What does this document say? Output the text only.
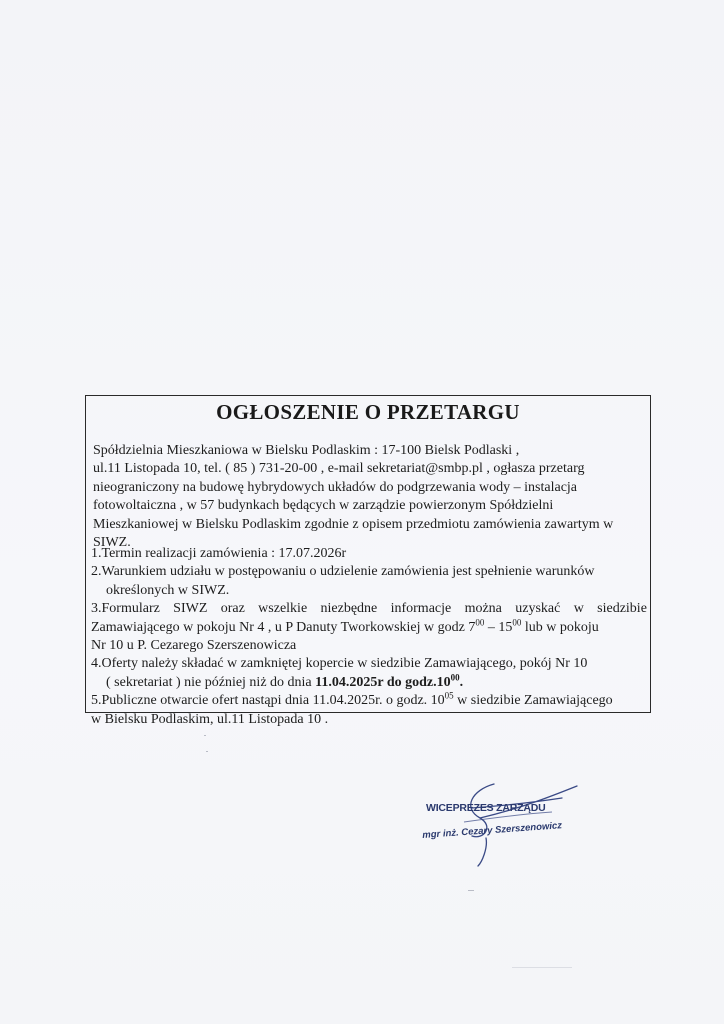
OGŁOSZENIE O PRZETARGU
Spółdzielnia Mieszkaniowa w Bielsku Podlaskim : 17-100 Bielsk Podlaski ,
ul.11 Listopada 10, tel. ( 85 ) 731-20-00 , e-mail sekretariat@smbp.pl , ogłasza przetarg
nieograniczony na budowę hybrydowych układów do podgrzewania wody – instalacja
fotowoltaiczna , w 57 budynkach będących w zarządzie powierzonym Spółdzielni
Mieszkaniowej w Bielsku Podlaskim zgodnie z opisem przedmiotu zamówienia zawartym w
SIWZ.
1.Termin realizacji zamówienia : 17.07.2026r
2.Warunkiem udziału w postępowaniu o udzielenie zamówienia jest spełnienie warunków
określonych w SIWZ.
3.Formularz SIWZ oraz wszelkie niezbędne informacje można uzyskać w siedzibie
Zamawiającego w pokoju Nr 4 , u P Danuty Tworkowskiej w godz $7^{00} - 15^{00}$ lub w pokoju
Nr 10 u P. Cezarego Szerszenowicza
4.Oferty należy składać w zamkniętej kopercie w siedzibie Zamawiającego, pokój Nr 10
( sekretariat ) nie później niż do dnia 11.04.2025r do $godz.10^{00}$.
5.Publiczne otwarcie ofert nastąpi dnia 11.04.2025r. o godz. $10^{05}$ w siedzibie Zamawiającego
w Bielsku Podlaskim, ul.11 Listopada 10 .
WICEPREZES ZARZĄDU
mgr inż. Cezary Szerszenowicz
